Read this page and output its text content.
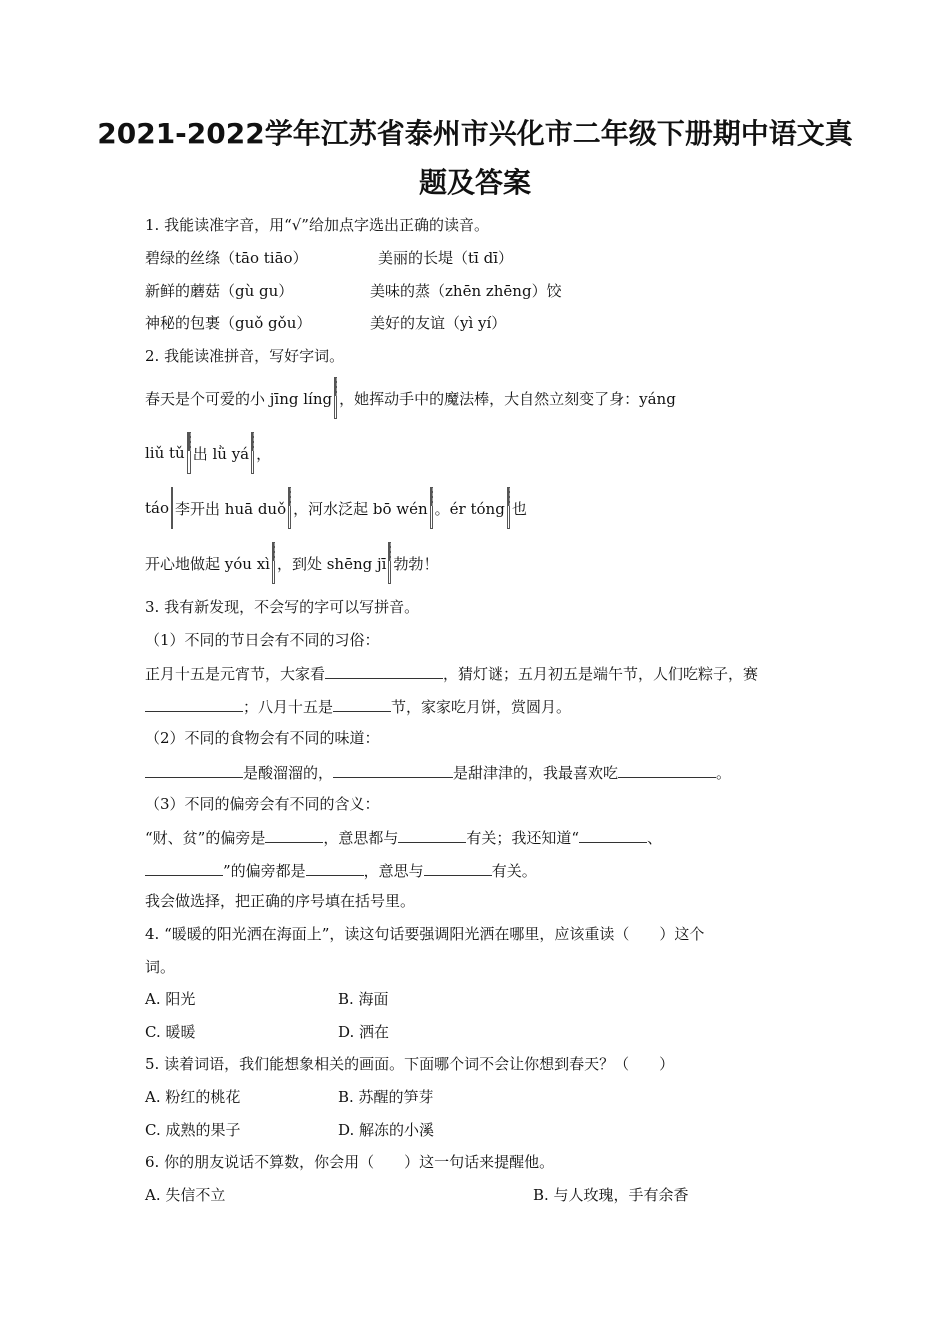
2021-2022学年江苏省泰州市兴化市二年级下册期中语文真
题及答案
1. 我能读准字音，用“√”给加点字选出正确的读音。
碧绿的丝绦（tāo tiāo）	美丽的长堤（tī dī）
新鲜的蘑菇（gù gu）	美味的蒸（zhēn zhēng）饺
神秘的包裹（guǒ gǒu）	美好的友谊（yì yí）
2. 我能读准拼音，写好字词。
春天是个可爱的小 jīng líng ，她挥动手中的魔法棒，大自然立刻变了身：yáng
liǔ tǔ 出 lǜ yá ，
táo 李开出 huā duǒ ，河水泛起 bō wén 。ér tóng 也
开心地做起 yóu xì ，到处 shēng jī 勃勃！
3. 我有新发现，不会写的字可以写拼音。
（1）不同的节日会有不同的习俗：
正月十五是元宵节，大家看	，猜灯谜；五月初五是端午节，人们吃粽子，赛
；八月十五是	节，家家吃月饼，赏圆月。
（2）不同的食物会有不同的味道：
是酸溜溜的，	是甜津津的，我最喜欢吃	。
（3）不同的偏旁会有不同的含义：
“财、贫”的偏旁是	，意思都与	有关；我还知道“	、
”的偏旁都是	，意思与	有关。
我会做选择，把正确的序号填在括号里。
4. “暖暖的阳光洒在海面上”，读这句话要强调阳光洒在哪里，应该重读（　　）这个
词。
A. 阳光	B. 海面
C. 暖暖	D. 洒在
5. 读着词语，我们能想象相关的画面。下面哪个词不会让你想到春天？（　　）
A. 粉红的桃花	B. 苏醒的笋芽
C. 成熟的果子	D. 解冻的小溪
6. 你的朋友说话不算数，你会用（　　）这一句话来提醒他。
A. 失信不立	B. 与人玫瑰，手有余香
